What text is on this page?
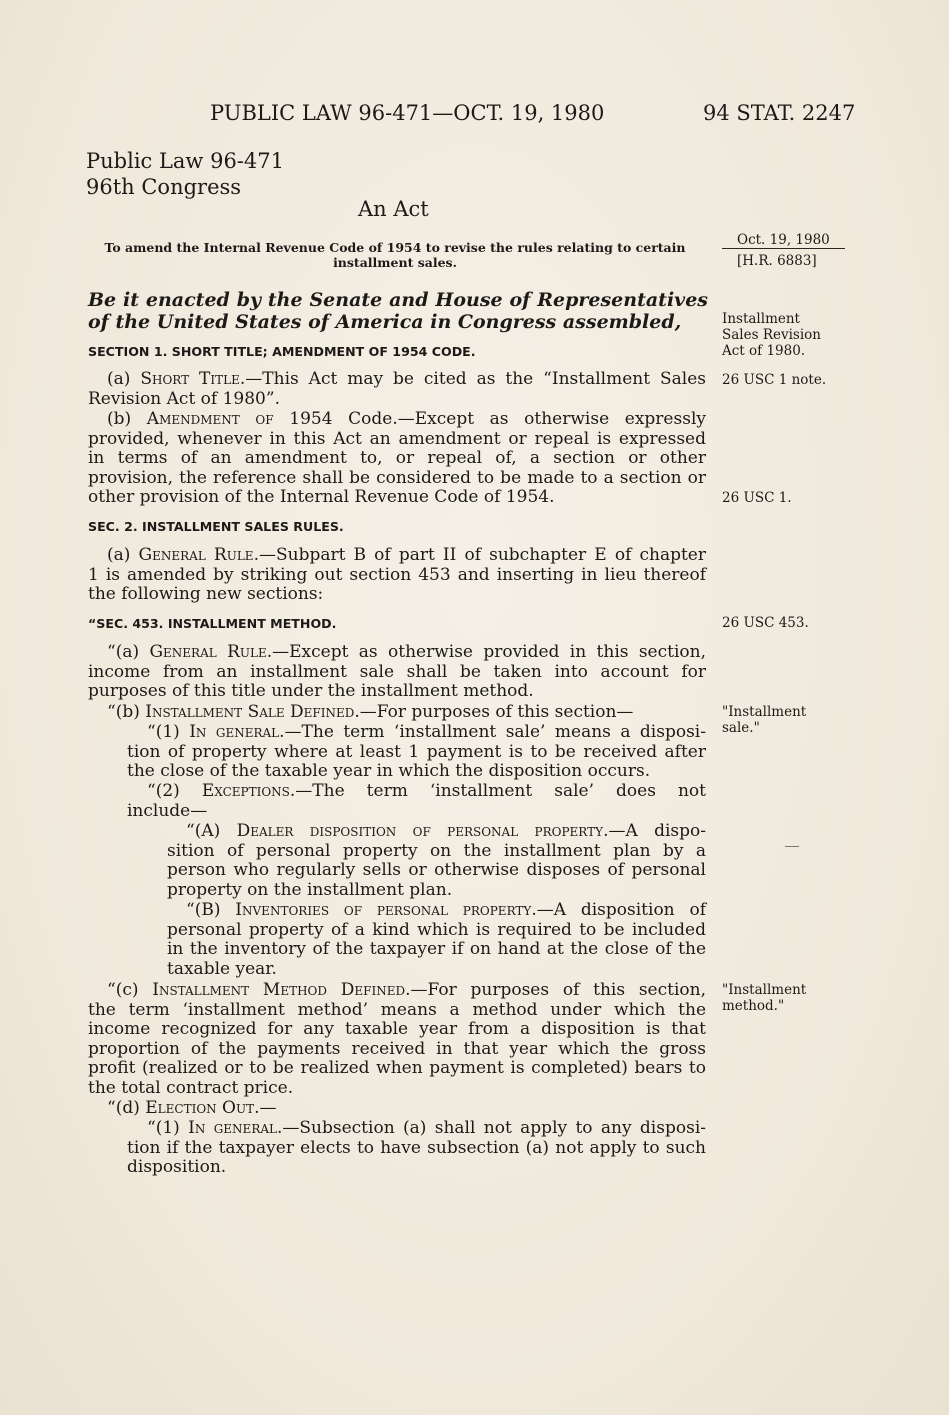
PUBLIC LAW 96-471—OCT. 19, 1980	94 STAT. 2247
Public Law 96-471
96th Congress
An Act
To amend the Internal Revenue Code of 1954 to revise the rules relating to certain installment sales.
Oct. 19, 1980
[H.R. 6883]
Be it enacted by the Senate and House of Representatives of the United States of America in Congress assembled,	Installment Sales Revision Act of 1980.
SECTION 1. SHORT TITLE; AMENDMENT OF 1954 CODE.
(a) Short Title.—This Act may be cited as the “Installment Sales
Revision Act of 1980”.
26 USC 1 note.
(b) Amendment of 1954 Code.—Except as otherwise expressly
provided, whenever in this Act an amendment or repeal is expressed
in terms of an amendment to, or repeal of, a section or other
provision, the reference shall be considered to be made to a section or
other provision of the Internal Revenue Code of 1954.	26 USC 1.
SEC. 2. INSTALLMENT SALES RULES.
(a) General Rule.—Subpart B of part II of subchapter E of chapter
1 is amended by striking out section 453 and inserting in lieu thereof
the following new sections:
“SEC. 453. INSTALLMENT METHOD.	26 USC 453.
“(a) General Rule.—Except as otherwise provided in this section,
income from an installment sale shall be taken into account for
purposes of this title under the installment method.
“(b) Installment Sale Defined.—For purposes of this section—	"Installment sale."
“(1) In general.—The term ‘installment sale’ means a disposi-
tion of property where at least 1 payment is to be received after
the close of the taxable year in which the disposition occurs.
“(2) Exceptions.—The term ‘installment sale’ does not
include—
“(A) Dealer disposition of personal property.—A dispo-
sition of personal property on the installment plan by a
person who regularly sells or otherwise disposes of personal
property on the installment plan.
“(B) Inventories of personal property.—A disposition of
personal property of a kind which is required to be included
in the inventory of the taxpayer if on hand at the close of the
taxable year.
“(c) Installment Method Defined.—For purposes of this section,
the term ‘installment method’ means a method under which the
income recognized for any taxable year from a disposition is that
proportion of the payments received in that year which the gross
profit (realized or to be realized when payment is completed) bears to
the total contract price.
"Installment method."
“(d) Election Out.—
“(1) In general.—Subsection (a) shall not apply to any disposi-
tion if the taxpayer elects to have subsection (a) not apply to such
disposition.
